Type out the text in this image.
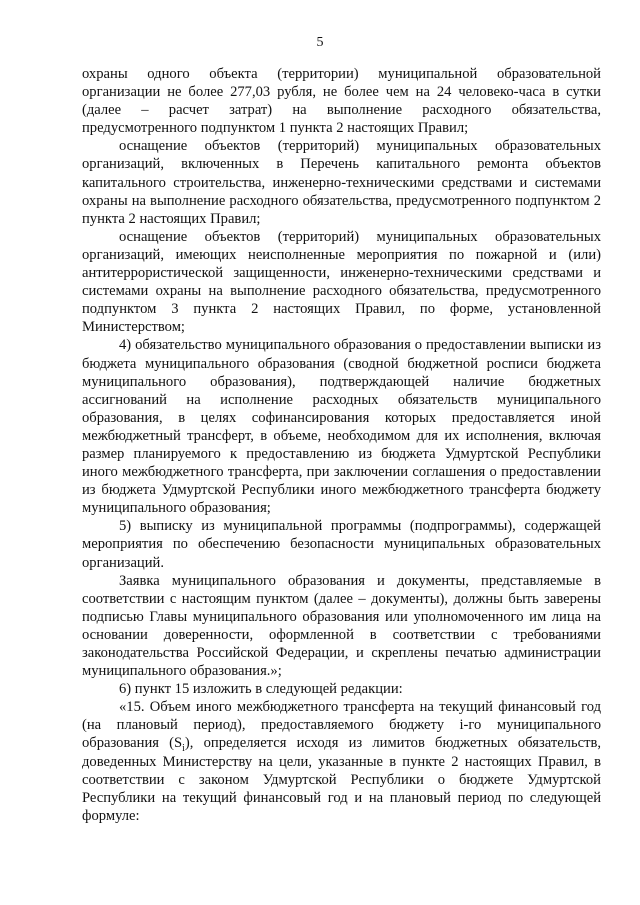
5

охраны одного объекта (территории) муниципальной образовательной организации не более 277,03 рубля, не более чем на 24 человеко-часа в сутки (далее – расчет затрат) на выполнение расходного обязательства, предусмотренного подпунктом 1 пункта 2 настоящих Правил;

оснащение объектов (территорий) муниципальных образовательных организаций, включенных в Перечень капитального ремонта объектов капитального строительства, инженерно-техническими средствами и системами охраны на выполнение расходного обязательства, предусмотренного подпунктом 2 пункта 2 настоящих Правил;

оснащение объектов (территорий) муниципальных образовательных организаций, имеющих неисполненные мероприятия по пожарной и (или) антитеррористической защищенности, инженерно-техническими средствами и системами охраны на выполнение расходного обязательства, предусмотренного подпунктом 3 пункта 2 настоящих Правил, по форме, установленной Министерством;

4) обязательство муниципального образования о предоставлении выписки из бюджета муниципального образования (сводной бюджетной росписи бюджета муниципального образования), подтверждающей наличие бюджетных ассигнований на исполнение расходных обязательств муниципального образования, в целях софинансирования которых предоставляется иной межбюджетный трансферт, в объеме, необходимом для их исполнения, включая размер планируемого к предоставлению из бюджета Удмуртской Республики иного межбюджетного трансферта, при заключении соглашения о предоставлении из бюджета Удмуртской Республики иного межбюджетного трансферта бюджету муниципального образования;

5) выписку из муниципальной программы (подпрограммы), содержащей мероприятия по обеспечению безопасности муниципальных образовательных организаций.

Заявка муниципального образования и документы, представляемые в соответствии с настоящим пунктом (далее – документы), должны быть заверены подписью Главы муниципального образования или уполномоченного им лица на основании доверенности, оформленной в соответствии с требованиями законодательства Российской Федерации, и скреплены печатью администрации муниципального образования.»;

6) пункт 15 изложить в следующей редакции:

«15. Объем иного межбюджетного трансферта на текущий финансовый год (на плановый период), предоставляемого бюджету i-го муниципального образования $(S_i)$, определяется исходя из лимитов бюджетных обязательств, доведенных Министерству на цели, указанные в пункте 2 настоящих Правил, в соответствии с законом Удмуртской Республики о бюджете Удмуртской Республики на текущий финансовый год и на плановый период по следующей формуле:
